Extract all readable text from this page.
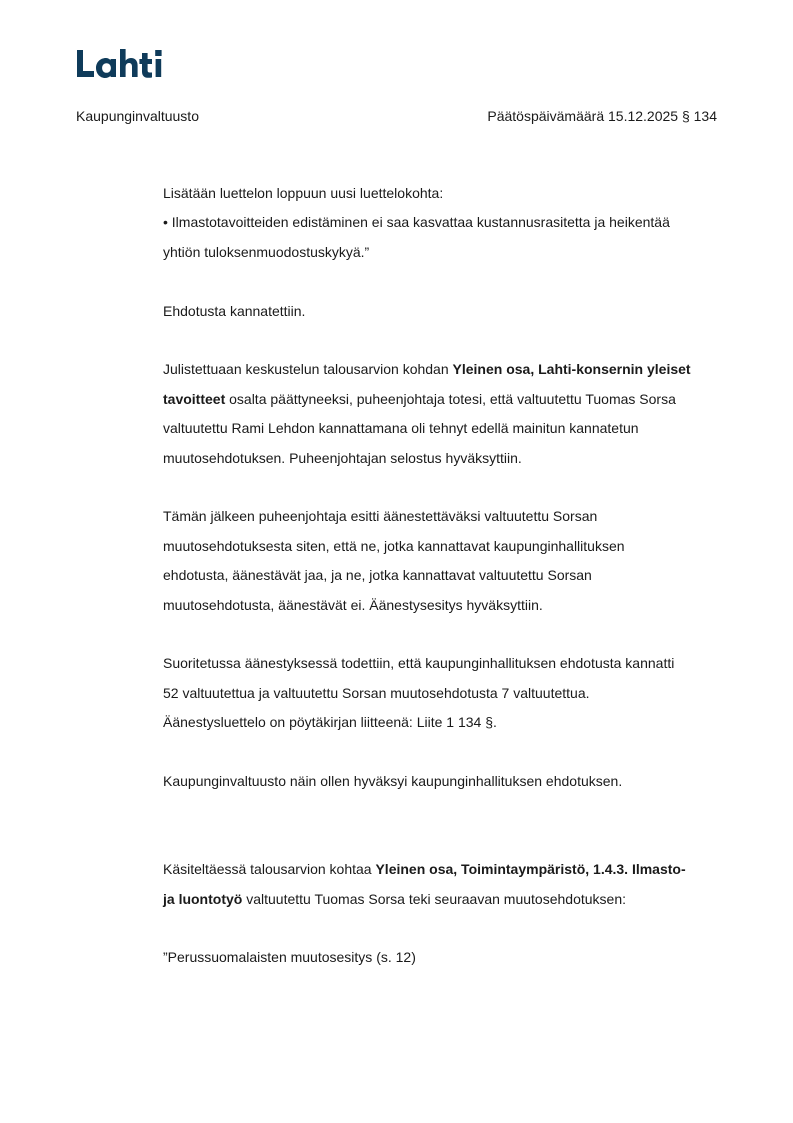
Kaupunginvaltuusto	Päätöspäivämäärä 15.12.2025 § 134

Lisätään luettelon loppuun uusi luettelokohta:
• Ilmastotavoitteiden edistäminen ei saa kasvattaa kustannusrasitetta ja heikentää
yhtiön tuloksenmuodostuskykyä.”

Ehdotusta kannatettiin.

Julistettuaan keskustelun talousarvion kohdan Yleinen osa, Lahti-konsernin yleiset
tavoitteet osalta päättyneeksi, puheenjohtaja totesi, että valtuutettu Tuomas Sorsa
valtuutettu Rami Lehdon kannattamana oli tehnyt edellä mainitun kannatetun
muutosehdotuksen. Puheenjohtajan selostus hyväksyttiin.

Tämän jälkeen puheenjohtaja esitti äänestettäväksi valtuutettu Sorsan
muutosehdotuksesta siten, että ne, jotka kannattavat kaupunginhallituksen
ehdotusta, äänestävät jaa, ja ne, jotka kannattavat valtuutettu Sorsan
muutosehdotusta, äänestävät ei. Äänestysesitys hyväksyttiin.

Suoritetussa äänestyksessä todettiin, että kaupunginhallituksen ehdotusta kannatti
52 valtuutettua ja valtuutettu Sorsan muutosehdotusta 7 valtuutettua.
Äänestysluettelo on pöytäkirjan liitteenä: Liite 1 134 §.

Kaupunginvaltuusto näin ollen hyväksyi kaupunginhallituksen ehdotuksen.

Käsiteltäessä talousarvion kohtaa Yleinen osa, Toimintaympäristö, 1.4.3. Ilmasto-
ja luontotyö valtuutettu Tuomas Sorsa teki seuraavan muutosehdotuksen:

”Perussuomalaisten muutosesitys (s. 12)
